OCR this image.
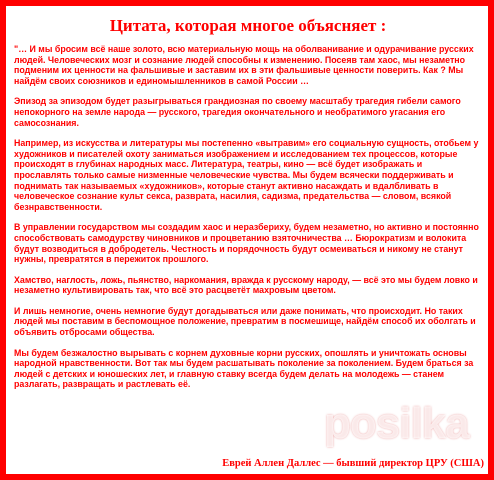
Цитата, которая многое объясняет :

"… И мы бросим всё наше золото, всю материальную мощь на оболванивание и одурачивание русских людей. Человеческих мозг и сознание людей способны к изменению. Посеяв там хаос, мы незаметно подменим их ценности на фальшивые и заставим их в эти фальшивые ценности поверить. Как ? Мы найдём своих союзников и единомышленников в самой России …

Эпизод за эпизодом будет разыгрываться грандиозная по своему масштабу трагедия гибели самого непокорного на земле народа — русского, трагедия окончательного и необратимого угасания его самосознания.

Например, из искусства и литературы мы постепенно «вытравим» его социальную сущность, отобьем у художников и писателей охоту заниматься изображением и исследованием тех процессов, которые происходят в глубинах народных масс. Литература, театры, кино — всё будет изображать и прославлять только самые низменные человеческие чувства. Мы будем всячески поддерживать и поднимать так называемых «художников», которые станут активно насаждать и вдалбливать в человеческое сознание культ секса, разврата, насилия, садизма, предательства — словом, всякой безнравственности.

В управлении государством мы создадим хаос и неразбериху, будем незаметно, но активно и постоянно способствовать самодурству чиновников и процветанию взяточничества … Бюрократизм и волокита будут возводиться в добродетель. Честность и порядочность будут осмеиваться и никому не станут нужны, превратятся в пережиток прошлого.

Хамство, наглость, ложь, пьянство, наркомания, вражда к русскому народу, — всё это мы будем ловко и незаметно культивировать так, что всё это расцветёт махровым цветом.

И лишь немногие, очень немногие будут догадываться или даже понимать, что происходит. Но таких людей мы поставим в беспомощное положение, превратим в посмешище, найдём способ их оболгать и объявить отбросами общества.

Мы будем безжалостно вырывать с корнем духовные корни русских, опошлять и уничтожать основы народной нравственности. Вот так мы будем расшатывать поколение за поколением. Будем браться за людей с детских и юношеских лет, и главную ставку всегда будем делать на молодежь — станем разлагать, развращать и растлевать её.

posilka
Еврей Аллен Даллес — бывший директор ЦРУ (США)
